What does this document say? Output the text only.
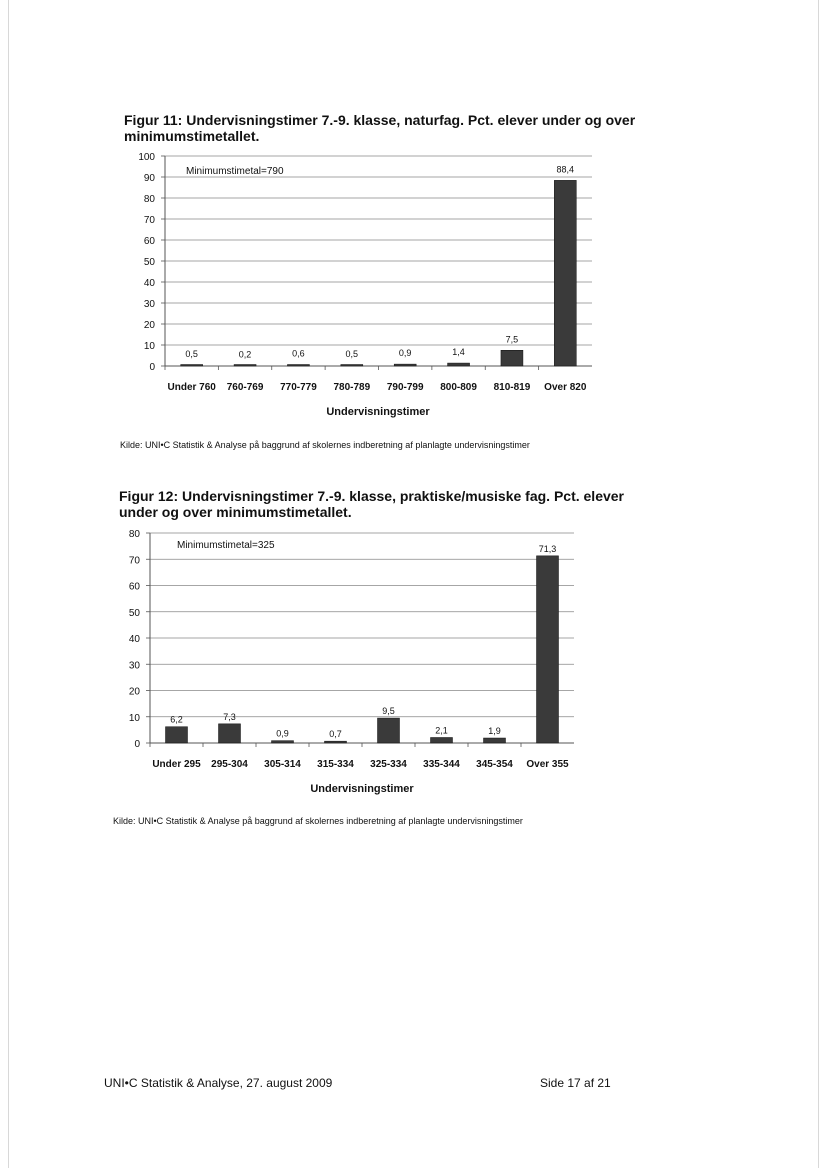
Figur 11: Undervisningstimer 7.-9. klasse, naturfag. Pct. elever under og over minimumstimetallet.
Minimumstimetal=790
Undervisningstimer
0
10
20
30
40
50
60
70
80
90
100
0,5
Under 760
0,2
760-769
0,6
770-779
0,5
780-789
0,9
790-799
1,4
800-809
7,5
810-819
88,4
Over 820
Kilde: UNI•C Statistik & Analyse på baggrund af skolernes indberetning af planlagte undervisningstimer
Figur 12: Undervisningstimer 7.-9. klasse, praktiske/musiske fag. Pct. elever under og over minimumstimetallet.
Minimumstimetal=325
Undervisningstimer
0
10
20
30
40
50
60
70
80
6,2
Under 295
7,3
295-304
0,9
305-314
0,7
315-334
9,5
325-334
2,1
335-344
1,9
345-354
71,3
Over 355
Kilde: UNI•C Statistik & Analyse på baggrund af skolernes indberetning af planlagte undervisningstimer
UNI•C Statistik & Analyse, 27. august 2009	Side 17 af 21
